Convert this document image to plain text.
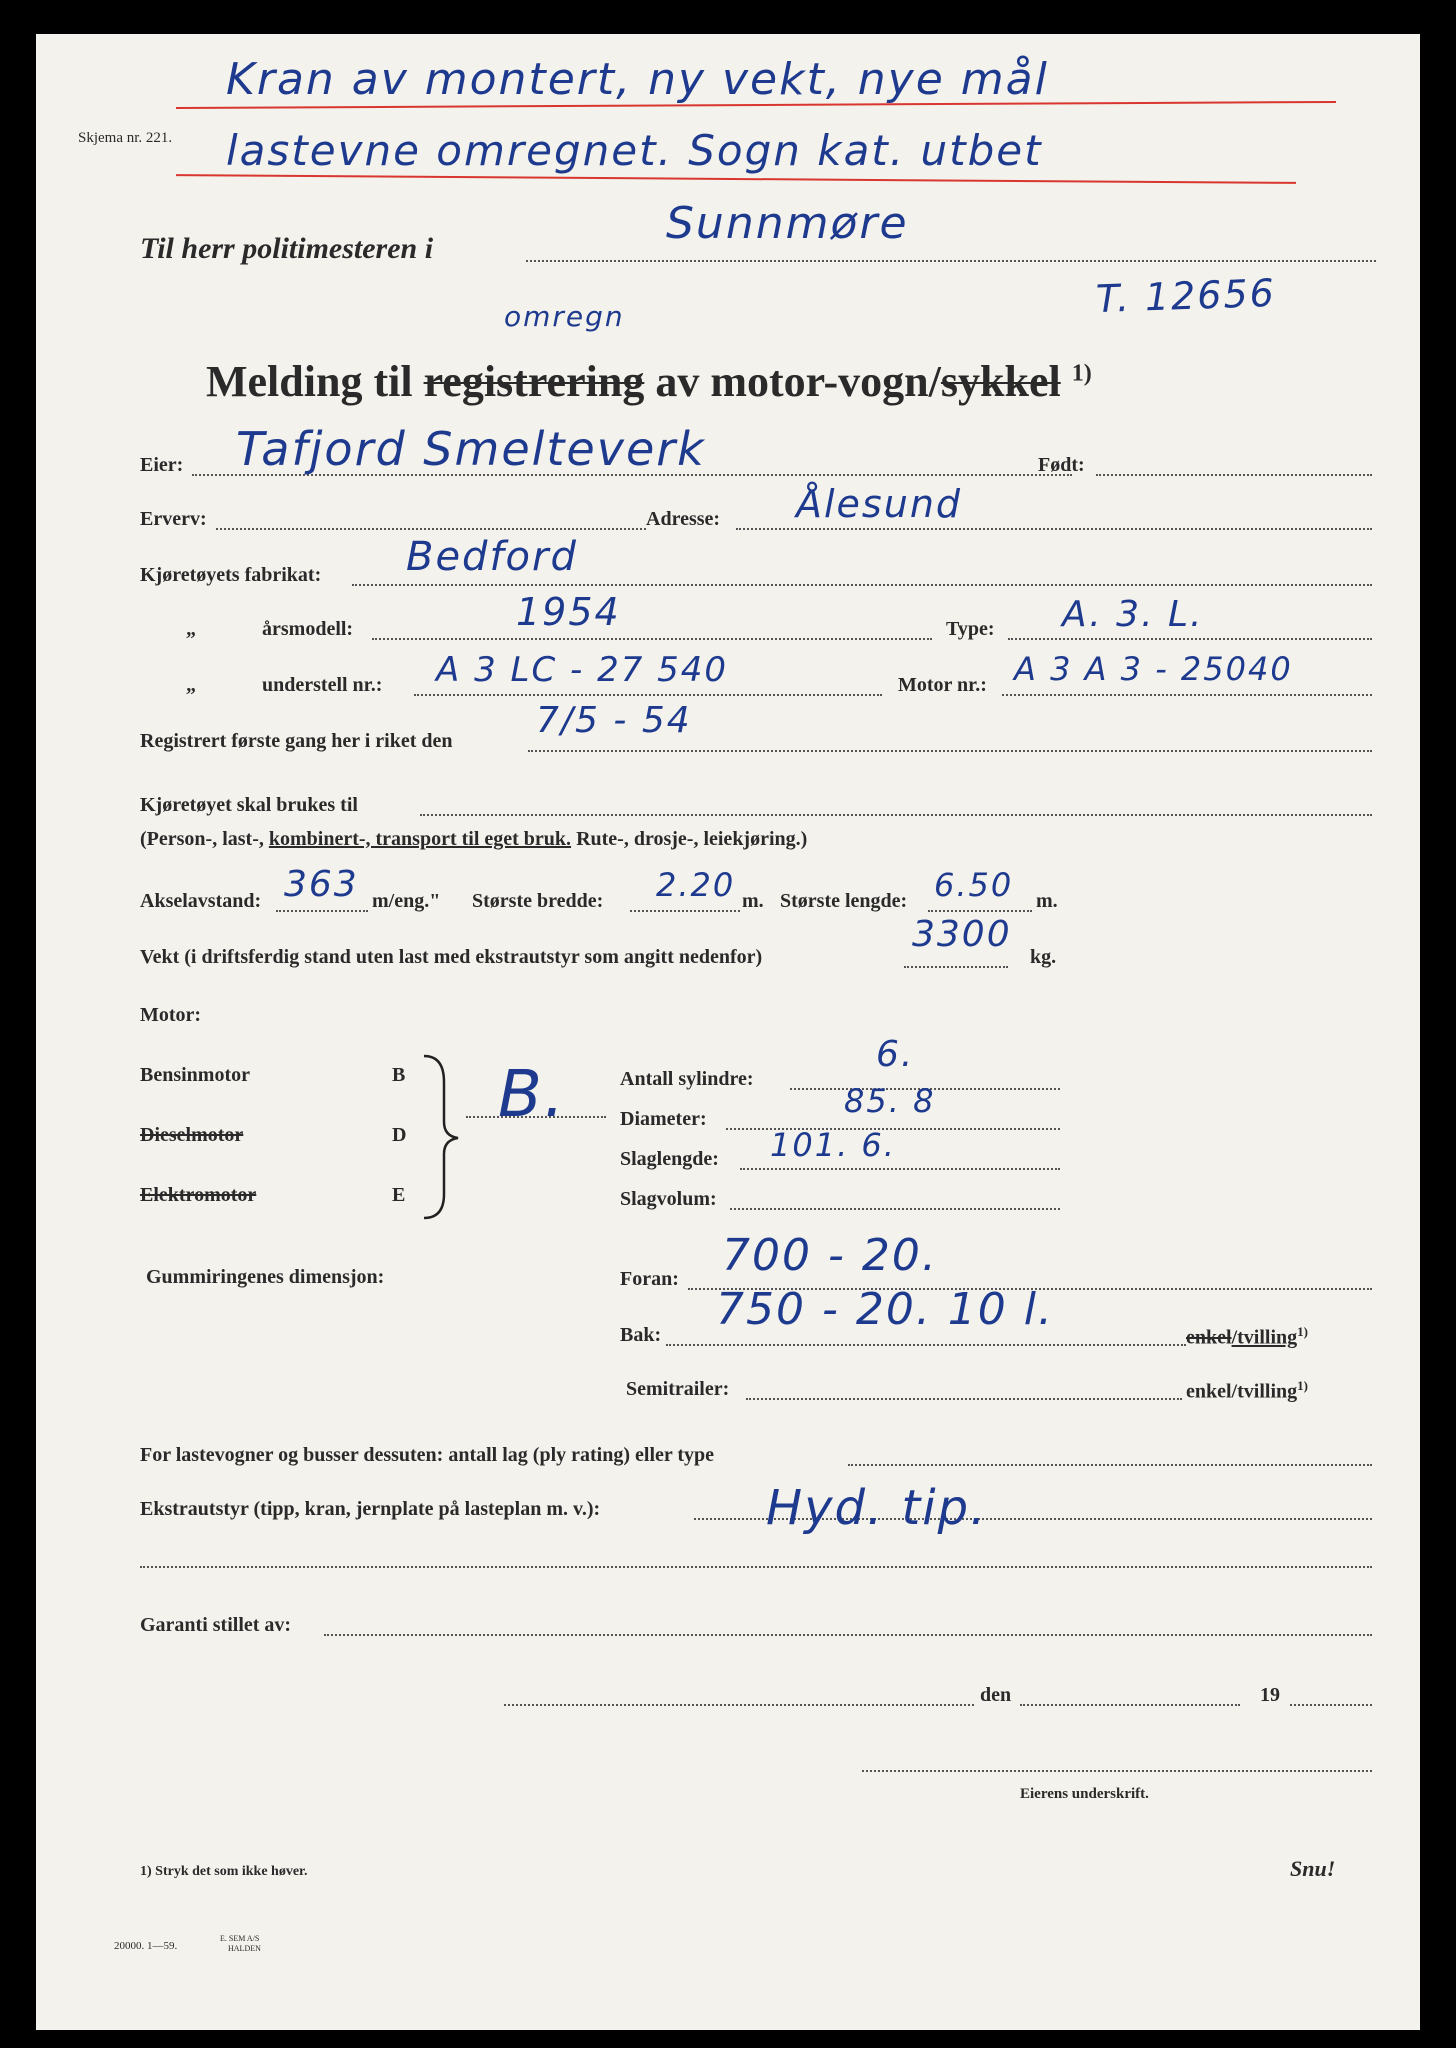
Kran av montert, ny vekt, nye mål
Skjema nr. 221. lastevne omregnet. Sogn kat. utbet
Til herr politimesteren i	Sunnmøre
T. 12656
omregn
Melding til registrering av motor-vogn/sykkel $^{1)}$
Eier: Tafjord Smelteverk	Født:
Erverv:	Adresse: Ålesund
Kjøretøyets fabrikat: Bedford
„	årsmodell:	1954	Type: A. 3. L.
„	understell nr.: A 3 LC - 27 540	Motor nr.: A 3 A 3 - 25040
Registrert første gang her i riket den 7/5 - 54
Kjøretøyet skal brukes til
(Person-, last-, kombinert-, transport til eget bruk. Rute-, drosje-, leiekjøring.)
Akselavstand: 363 m/eng." Største bredde: 2.20 m. Største lengde: 6.50 m.
Vekt (i driftsferdig stand uten last med ekstrautstyr som angitt nedenfor)
3300
kg.
Motor:
Bensinmotor	B
Dieselmotor	D
Elektromotor	E
B.	Antall sylindre:
6.
Diameter:	85. 8
Slaglengde: 101. 6.
Slagvolum:
Gummiringenes dimensjon:	Foran: 700 - 20.
Bak: 750 - 20. 10 l.
enkel/tvilling$^{1)}$
Semitrailer:	enkel/tvilling$^{1)}$
For lastevogner og busser dessuten: antall lag (ply rating) eller type
Ekstrautstyr (tipp, kran, jernplate på lasteplan m. v.):	Hyd. tip.
Garanti stillet av:
den	19
Eierens underskrift.
1) Stryk det som ikke høver.	Snu!
20000. 1—59.
E. SEM A/S
HALDEN
